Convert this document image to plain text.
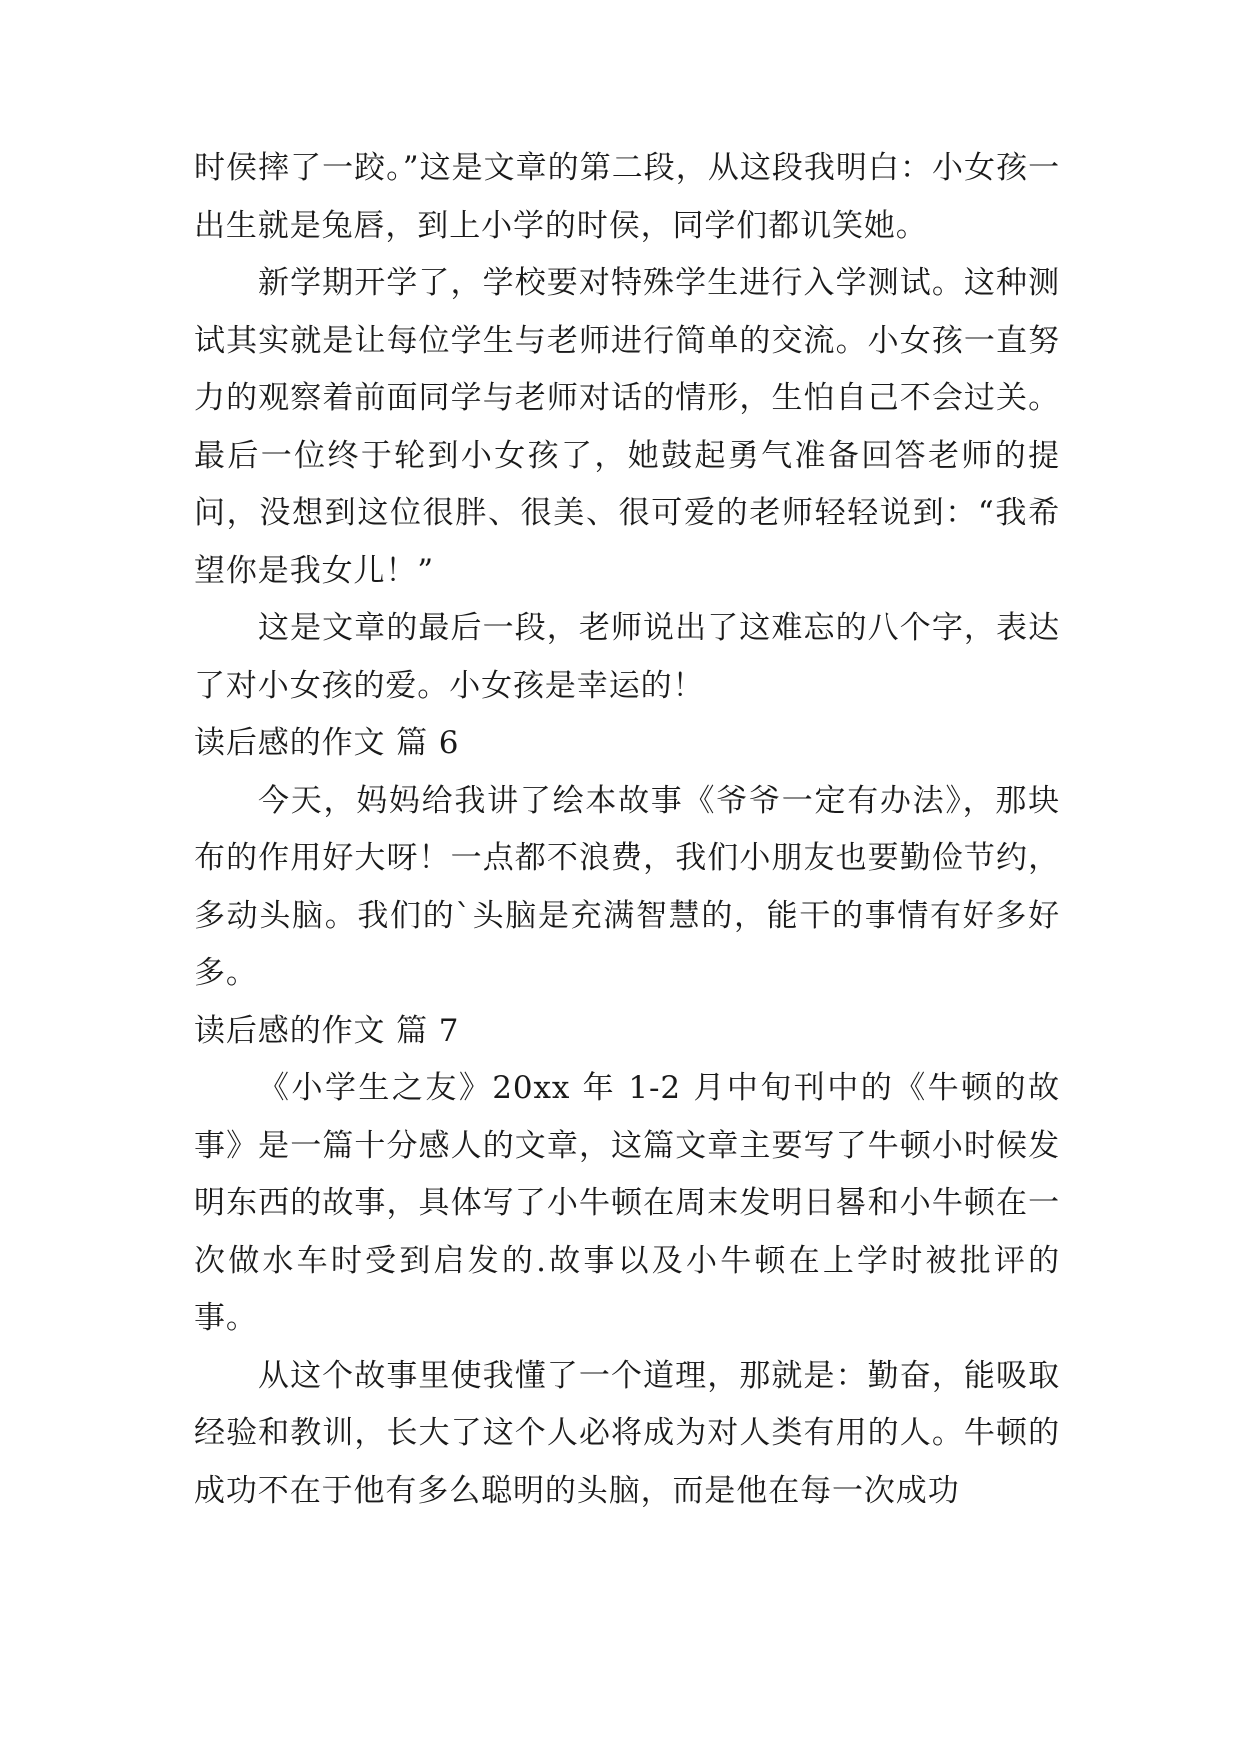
时侯摔了一跤。”这是文章的第二段，从这段我明白：小女孩一出生就是兔唇，到上小学的时侯，同学们都讥笑她。

新学期开学了，学校要对特殊学生进行入学测试。这种测试其实就是让每位学生与老师进行简单的交流。小女孩一直努力的观察着前面同学与老师对话的情形，生怕自己不会过关。最后一位终于轮到小女孩了，她鼓起勇气准备回答老师的提问，没想到这位很胖、很美、很可爱的老师轻轻说到：“我希望你是我女儿！”

这是文章的最后一段，老师说出了这难忘的八个字，表达了对小女孩的爱。小女孩是幸运的！

读后感的作文 篇 6

今天，妈妈给我讲了绘本故事《爷爷一定有办法》，那块布的作用好大呀！一点都不浪费，我们小朋友也要勤俭节约，多动头脑。我们的`头脑是充满智慧的，能干的事情有好多好多。

读后感的作文 篇 7

《小学生之友》20xx 年 1-2 月中旬刊中的《牛顿的故事》是一篇十分感人的文章，这篇文章主要写了牛顿小时候发明东西的故事，具体写了小牛顿在周末发明日晷和小牛顿在一次做水车时受到启发的.故事以及小牛顿在上学时被批评的事。

从这个故事里使我懂了一个道理，那就是：勤奋，能吸取经验和教训，长大了这个人必将成为对人类有用的人。牛顿的成功不在于他有多么聪明的头脑，而是他在每一次成功
